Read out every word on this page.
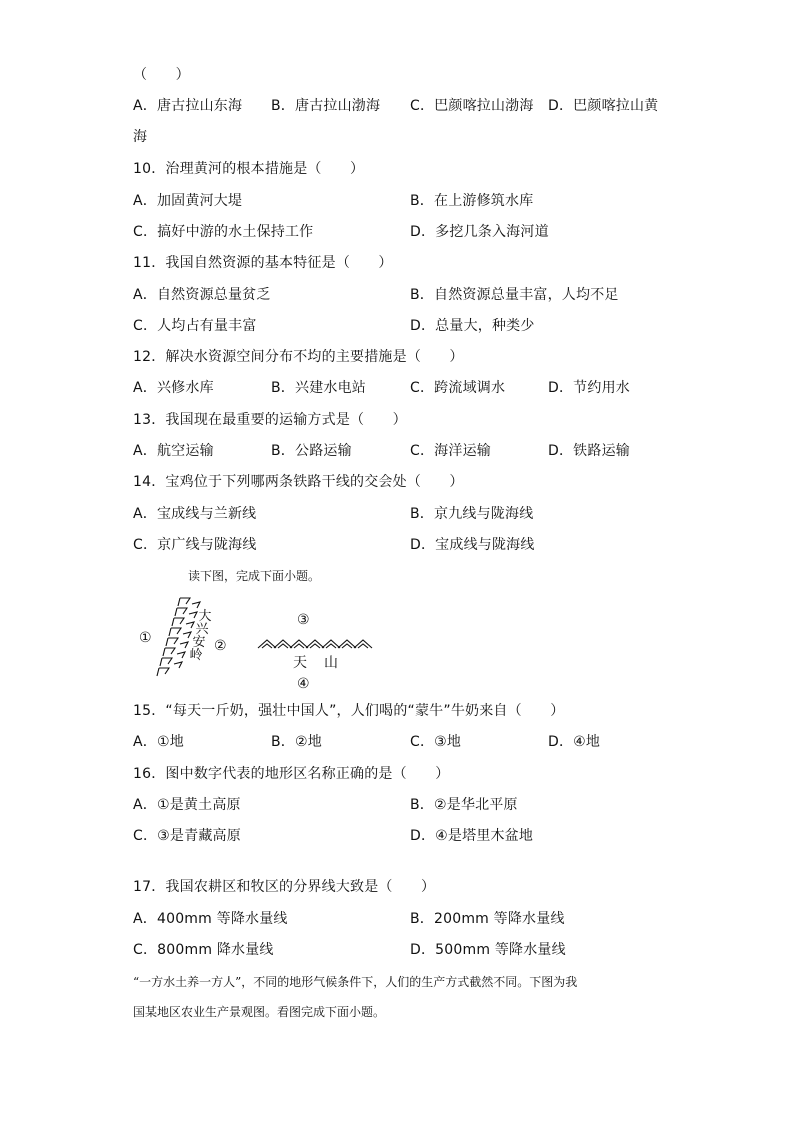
（　　）
A．唐古拉山东海 B．唐古拉山渤海 C．巴颜喀拉山渤海 D．巴颜喀拉山黄
海
10．治理黄河的根本措施是（　　）
A．加固黄河大堤	B．在上游修筑水库
C．搞好中游的水土保持工作	D．多挖几条入海河道
11．我国自然资源的基本特征是（　　）
A．自然资源总量贫乏	B．自然资源总量丰富，人均不足
C．人均占有量丰富	D．总量大，种类少
12．解决水资源空间分布不均的主要措施是（　　）
A．兴修水库	B．兴建水电站	C．跨流域调水	D．节约用水
13．我国现在最重要的运输方式是（　　）
A．航空运输	B．公路运输	C．海洋运输	D．铁路运输
14．宝鸡位于下列哪两条铁路干线的交会处（　　）
A．宝成线与兰新线	B．京九线与陇海线
C．京广线与陇海线	D．宝成线与陇海线
读下图，完成下面小题。
①	②
③
④
大
兴
安
岭	天 山
15．“每天一斤奶，强壮中国人”，人们喝的“蒙牛”牛奶来自（　　）
A．①地	B．②地	C．③地	D．④地
16．图中数字代表的地形区名称正确的是（　　）
A．①是黄土高原	B．②是华北平原
C．③是青藏高原	D．④是塔里木盆地
17．我国农耕区和牧区的分界线大致是（　　）
A．400mm 等降水量线	B．200mm 等降水量线
C．800mm 降水量线	D．500mm 等降水量线
“一方水土养一方人”，不同的地形气候条件下，人们的生产方式截然不同。下图为我
国某地区农业生产景观图。看图完成下面小题。
